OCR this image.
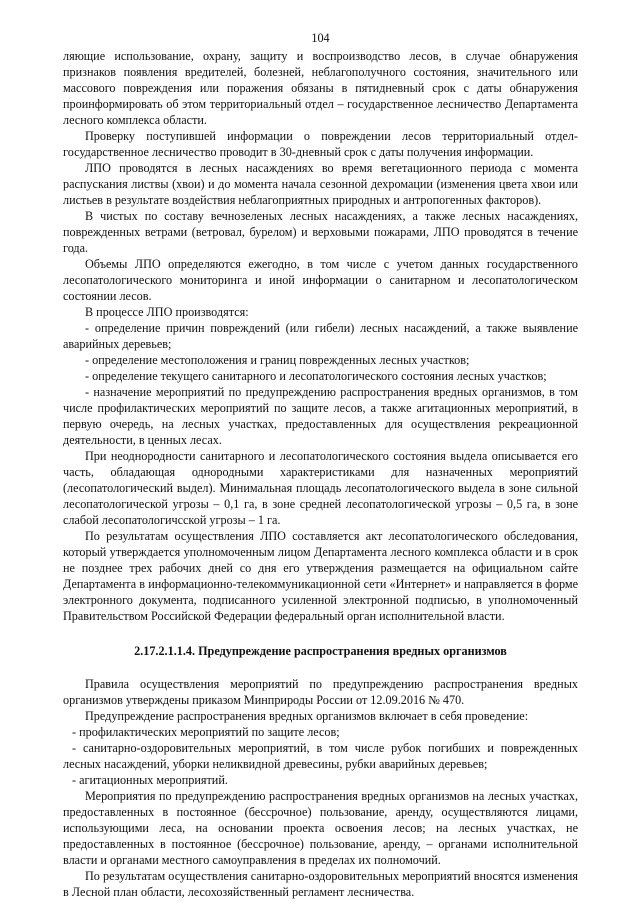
104

ляющие использование, охрану, защиту и воспроизводство лесов, в случае обнаружения признаков появления вредителей, болезней, неблагополучного состояния, значительного или массового повреждения или поражения обязаны в пятидневный срок с даты обнаружения проинформировать об этом территориальный отдел – государственное лесничество Департамента лесного комплекса области.

Проверку поступившей информации о повреждении лесов территориальный отдел-государственное лесничество проводит в 30-дневный срок с даты получения информации.

ЛПО проводятся в лесных насаждениях во время вегетационного периода с момента распускания листвы (хвои) и до момента начала сезонной дехромации (изменения цвета хвои или листьев в результате воздействия неблагоприятных природных и антропогенных факторов).

В чистых по составу вечнозеленых лесных насаждениях, а также лесных насаждениях, поврежденных ветрами (ветровал, бурелом) и верховыми пожарами, ЛПО проводятся в течение года.

Объемы ЛПО определяются ежегодно, в том числе с учетом данных государственного лесопатологического мониторинга и иной информации о санитарном и лесопатологическом состоянии лесов.

В процессе ЛПО производятся:

- определение причин повреждений (или гибели) лесных насаждений, а также выявление аварийных деревьев;

- определение местоположения и границ поврежденных лесных участков;

- определение текущего санитарного и лесопатологического состояния лесных участков;

- назначение мероприятий по предупреждению распространения вредных организмов, в том числе профилактических мероприятий по защите лесов, а также агитационных мероприятий, в первую очередь, на лесных участках, предоставленных для осуществления рекреационной деятельности, в ценных лесах.

При неоднородности санитарного и лесопатологического состояния выдела описывается его часть, обладающая однородными характеристиками для назначенных мероприятий (лесопатологический выдел). Минимальная площадь лесопатологического выдела в зоне сильной лесопатологической угрозы – 0,1 га, в зоне средней лесопатологической угрозы – 0,5 га, в зоне слабой лесопатологичсской угрозы – 1 га.

По результатам осуществления ЛПО составляется акт лесопатологического обследования, который утверждается уполномоченным лицом Департамента лесного комплекса области и в срок не позднее трех рабочих дней со дня его утверждения размещается на официальном сайте Департамента в информационно-телекоммуникационной сети «Интернет» и направляется в форме электронного документа, подписанного усиленной электронной подписью, в уполномоченный Правительством Российской Федерации федеральный орган исполнительной власти.

2.17.2.1.1.4. Предупреждение распространения вредных организмов

Правила осуществления мероприятий по предупреждению распространения вредных организмов утверждены приказом Минприроды России от 12.09.2016 № 470.

Предупреждение распространения вредных организмов включает в себя проведение:

- профилактических мероприятий по защите лесов;

- санитарно-оздоровительных мероприятий, в том числе рубок погибших и поврежденных лесных насаждений, уборки неликвидной древесины, рубки аварийных деревьев;

- агитационных мероприятий.

Мероприятия по предупреждению распространения вредных организмов на лесных участках, предоставленных в постоянное (бессрочное) пользование, аренду, осуществляются лицами, использующими леса, на основании проекта освоения лесов; на лесных участках, не предоставленных в постоянное (бессрочное) пользование, аренду, – органами исполнительной власти и органами местного самоуправления в пределах их полномочий.

По результатам осуществления санитарно-оздоровительных мероприятий вносятся изменения в Лесной план области, лесохозяйственный регламент лесничества.
